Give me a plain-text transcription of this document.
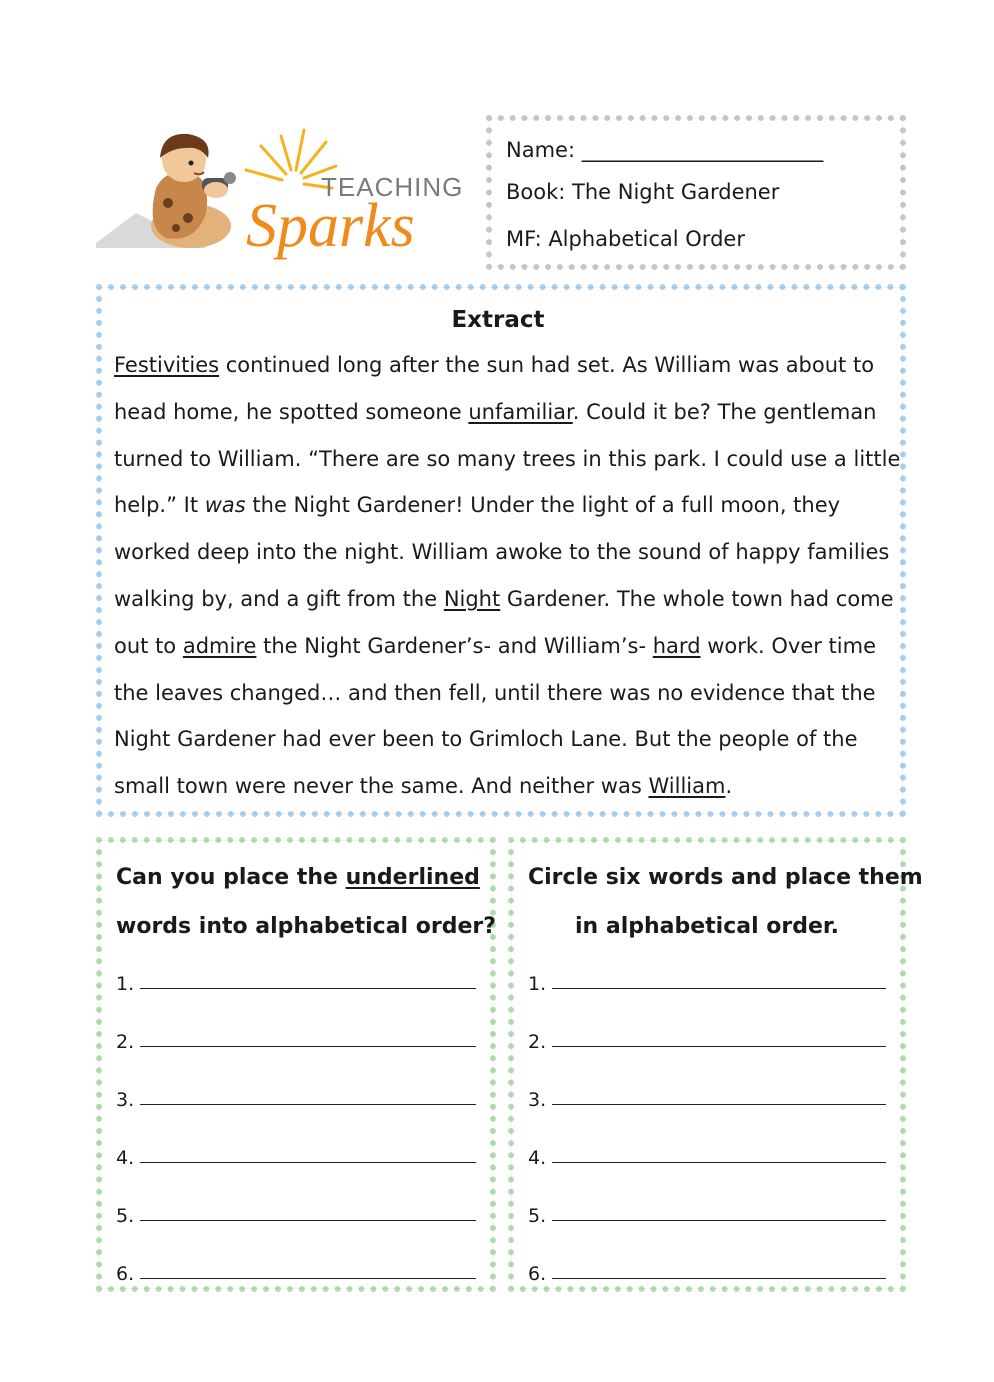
TEACHING
Sparks
Name: _______________________
Book: The Night Gardener
MF: Alphabetical Order
Extract
Festivities continued long after the sun had set. As William was about to
head home, he spotted someone unfamiliar. Could it be? The gentleman
turned to William. “There are so many trees in this park. I could use a little
help.” It was the Night Gardener! Under the light of a full moon, they
worked deep into the night. William awoke to the sound of happy families
walking by, and a gift from the Night Gardener. The whole town had come
out to admire the Night Gardener’s- and William’s- hard work. Over time
the leaves changed… and then fell, until there was no evidence that the
Night Gardener had ever been to Grimloch Lane. But the people of the
small town were never the same. And neither was William.
Can you place the underlined
words into alphabetical order?
1.
2.
3.
4.
5.
6.
Circle six words and place them
in alphabetical order.
1.
2.
3.
4.
5.
6.
